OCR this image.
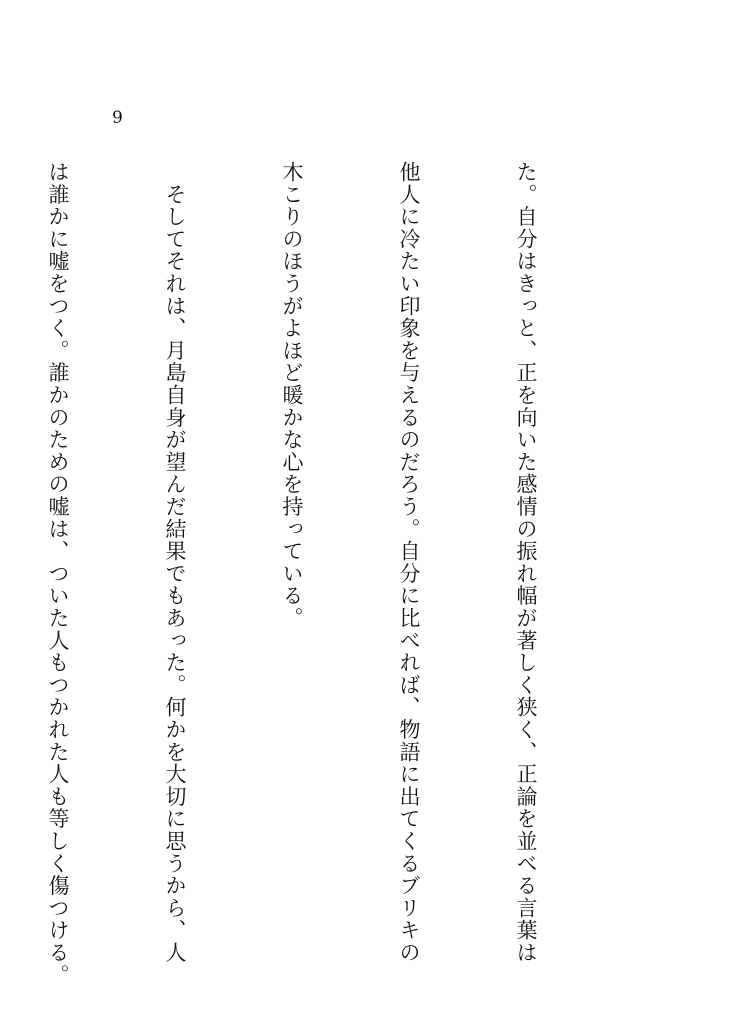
9

た。自分はきっと、正を向いた感情の振れ幅が著しく狭く、正論を並べる言葉は

他人に冷たい印象を与えるのだろう。自分に比べれば、物語に出てくるブリキの

木こりのほうがよほど暖かな心を持っている。

　そしてそれは、月島自身が望んだ結果でもあった。何かを大切に思うから、人

は誰かに嘘をつく。誰かのための嘘は、ついた人もつかれた人も等しく傷つける。
